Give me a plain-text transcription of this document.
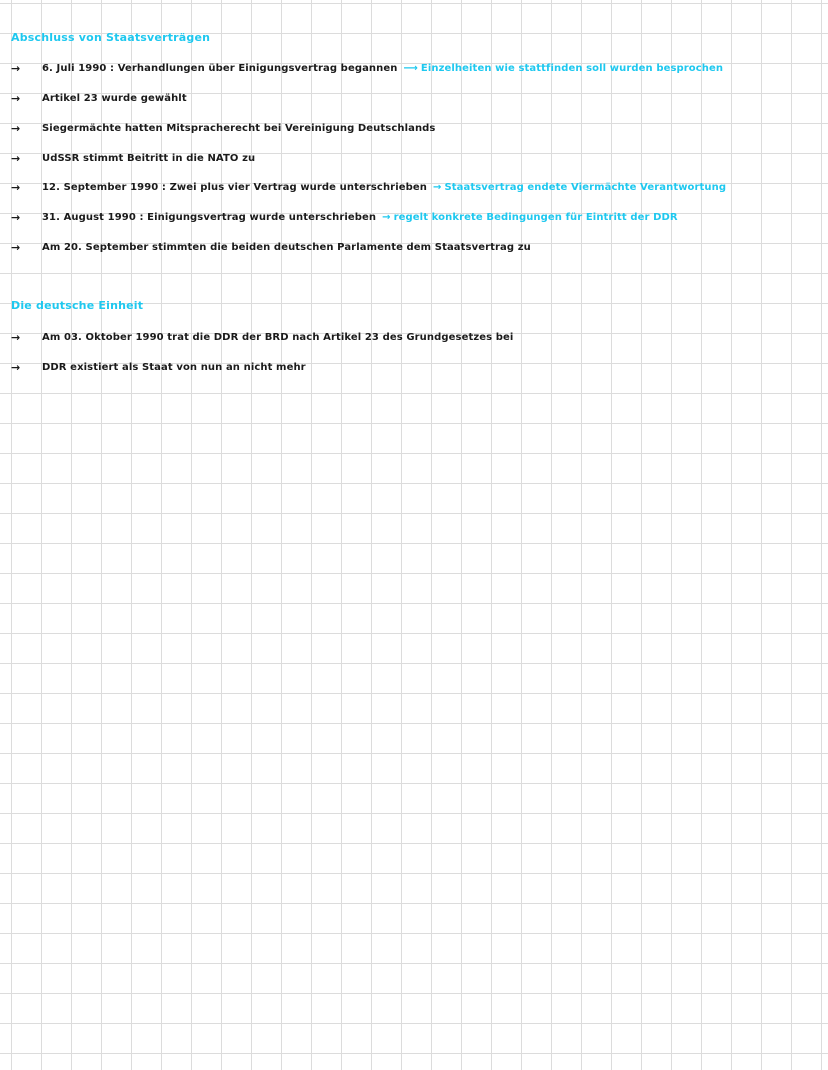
Abschluss von Staatsverträgen
→	6. Juli 1990 : Verhandlungen über Einigungsvertrag begannen ⟶ Einzelheiten wie stattfinden soll wurden besprochen
→	Artikel 23 wurde gewählt
→	Siegermächte hatten Mitspracherecht bei Vereinigung Deutschlands
→	UdSSR stimmt Beitritt in die NATO zu
→	12. September 1990 : Zwei plus vier Vertrag wurde unterschrieben → Staatsvertrag endete Viermächte Verantwortung
→	31. August 1990 : Einigungsvertrag wurde unterschrieben → regelt konkrete Bedingungen für Eintritt der DDR
→	Am 20. September stimmten die beiden deutschen Parlamente dem Staatsvertrag zu
Die deutsche Einheit
→	Am 03. Oktober 1990 trat die DDR der BRD nach Artikel 23 des Grundgesetzes bei
→	DDR existiert als Staat von nun an nicht mehr
